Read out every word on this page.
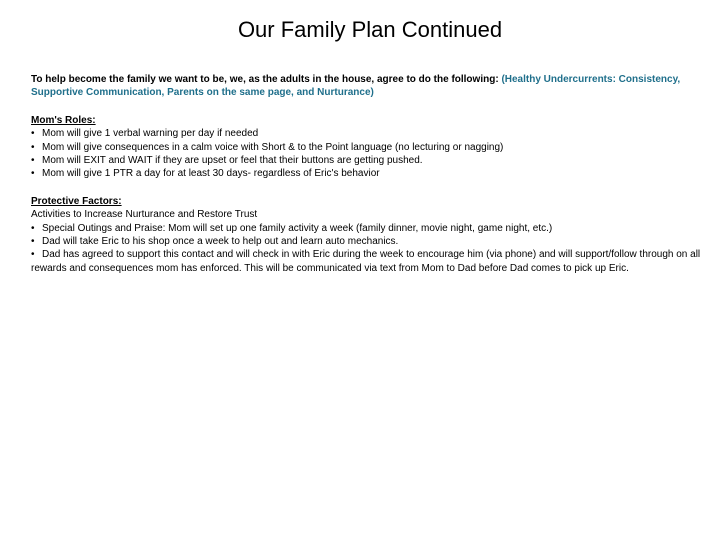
Our Family Plan Continued

To help become the family we want to be, we, as the adults in the house, agree to do the following: (Healthy Undercurrents: Consistency, Supportive Communication, Parents on the same page, and Nurturance)

Mom's Roles:
• Mom will give 1 verbal warning per day if needed
• Mom will give consequences in a calm voice with Short & to the Point language (no lecturing or nagging)
• Mom will EXIT and WAIT if they are upset or feel that their buttons are getting pushed.
• Mom will give 1 PTR a day for at least 30 days- regardless of Eric's behavior
Protective Factors:
Activities to Increase Nurturance and Restore Trust
• Special Outings and Praise: Mom will set up one family activity a week (family dinner, movie night, game night, etc.)
• Dad will take Eric to his shop once a week to help out and learn auto mechanics.
• Dad has agreed to support this contact and will check in with Eric during the week to encourage him (via phone) and will support/follow through on all rewards and consequences mom has enforced. This will be communicated via text from Mom to Dad before Dad comes to pick up Eric.
